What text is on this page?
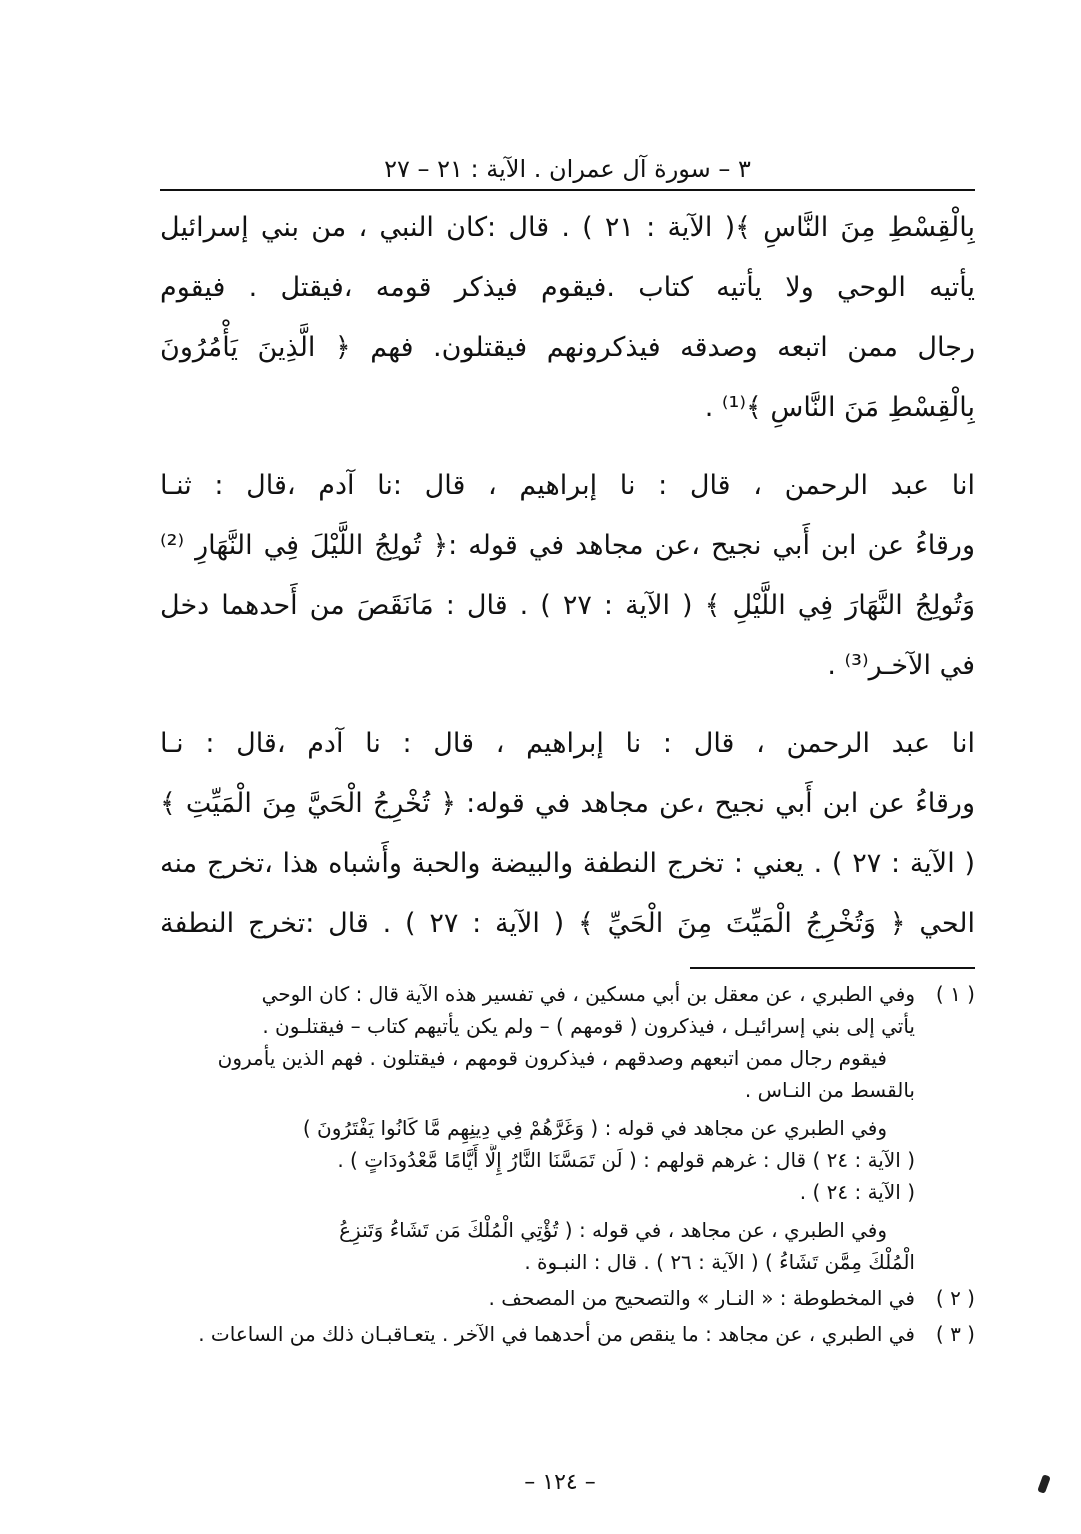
٣ – سورة آل عمران . الآية : ٢١ – ٢٧
بِالْقِسْطِ مِنَ النَّاسِ ﴾( الآية : ٢١ ) . قال :كان النبي ، من بني إسرائيل
يأتيه الوحي ولا يأتيه كتاب .فيقوم فيذكر قومه ،فيقتل . فيقوم
رجال ممن اتبعه وصدقه فيذكرونهم فيقتلون. فهم ﴿ الَّذِينَ يَأْمُرُونَ
بِالْقِسْطِ مَنَ النَّاسِ ﴾⁽¹⁾ .
انا عبد الرحمن ، قال : نا إبراهيم ، قال :نا آدم ،قال : ثنـا
ورقاءُ عن ابن أَبي نجيح ،عن مجاهد في قوله :﴿ تُولِجُ اللَّيْلَ فِي النَّهَارِ ⁽²⁾
وَتُولِجُ النَّهَارَ فِي اللَّيْلِ ﴾ ( الآية : ٢٧ ) . قال : مَانَقَصَ من أَحدهما دخل
في الآخـر⁽³⁾ .
انا عبد الرحمن ، قال : نا إبراهيم ، قال : نا آدم ،قال : نـا
ورقاءُ عن ابن أَبي نجيح ،عن مجاهد في قوله: ﴿ تُخْرِجُ الْحَيَّ مِنَ الْمَيِّتِ ﴾
( الآية : ٢٧ ) . يعني : تخرج النطفة والبيضة والحبة وأَشباه هذا ،تخرج منه
الحي ﴿ وَتُخْرِجُ الْمَيِّتَ مِنَ الْحَيِّ ﴾ ( الآية : ٢٧ ) . قال :تخرج النطفة
( ١ )
وفي الطبري ، عن معقل بن أبي مسكين ، في تفسير هذه الآية قال : كان الوحي
يأتي إلى بني إسرائيـل ، فيذكرون ( قومهم ) – ولم يكن يأتيهم كتاب – فيقتلـون .
فيقوم رجال ممن اتبعهم وصدقهم ، فيذكرون قومهم ، فيقتلون . فهم الذين يأمرون
بالقسط من النـاس .
وفي الطبري عن مجاهد في قوله : ( وَغَرَّهُمْ فِي دِينِهِم مَّا كَانُوا يَفْتَرُونَ )
( الآية : ٢٤ ) قال : غرهم قولهم : ( لَن تَمَسَّنَا النَّارُ إِلَّا أَيَّامًا مَّعْدُودَاتٍ ) .
( الآية : ٢٤ ) .
وفي الطبري ، عن مجاهد ، في قوله : ( تُؤْتِي الْمُلْكَ مَن تَشَاءُ وَتَنزِعُ
الْمُلْكَ مِمَّن تَشَاءُ ) ( الآية : ٢٦ ) . قال : النبـوة .
( ٢ )
في المخطوطة : « النـار » والتصحيح من المصحف .
( ٣ )
في الطبري ، عن مجاهد : ما ينقص من أحدهما في الآخر . يتعـاقبـان ذلك من الساعات .
– ١٢٤ –
